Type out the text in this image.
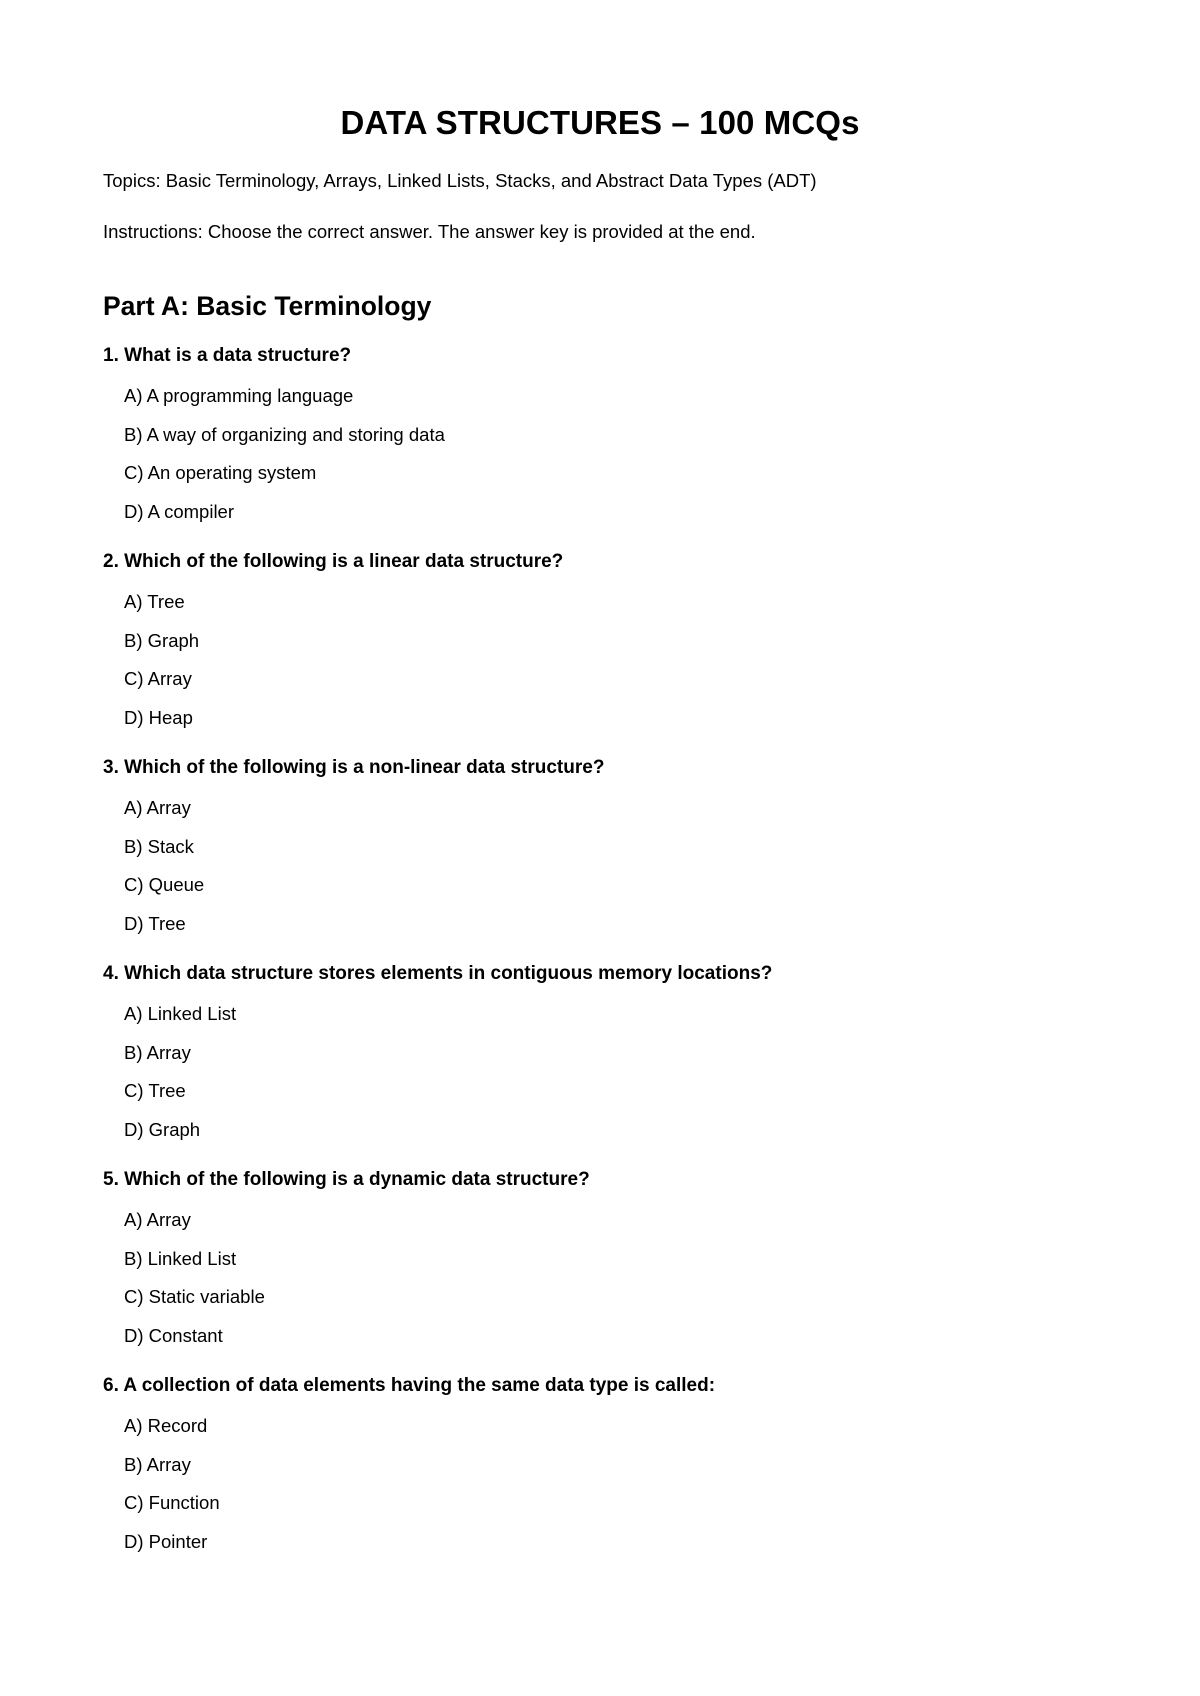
DATA STRUCTURES – 100 MCQs

Topics: Basic Terminology, Arrays, Linked Lists, Stacks, and Abstract Data Types (ADT)

Instructions: Choose the correct answer. The answer key is provided at the end.

Part A: Basic Terminology

1. What is a data structure?

A) A programming language
B) A way of organizing and storing data
C) An operating system
D) A compiler

2. Which of the following is a linear data structure?

A) Tree
B) Graph
C) Array
D) Heap

3. Which of the following is a non-linear data structure?

A) Array
B) Stack
C) Queue
D) Tree

4. Which data structure stores elements in contiguous memory locations?

A) Linked List
B) Array
C) Tree
D) Graph

5. Which of the following is a dynamic data structure?

A) Array
B) Linked List
C) Static variable
D) Constant

6. A collection of data elements having the same data type is called:

A) Record
B) Array
C) Function
D) Pointer
